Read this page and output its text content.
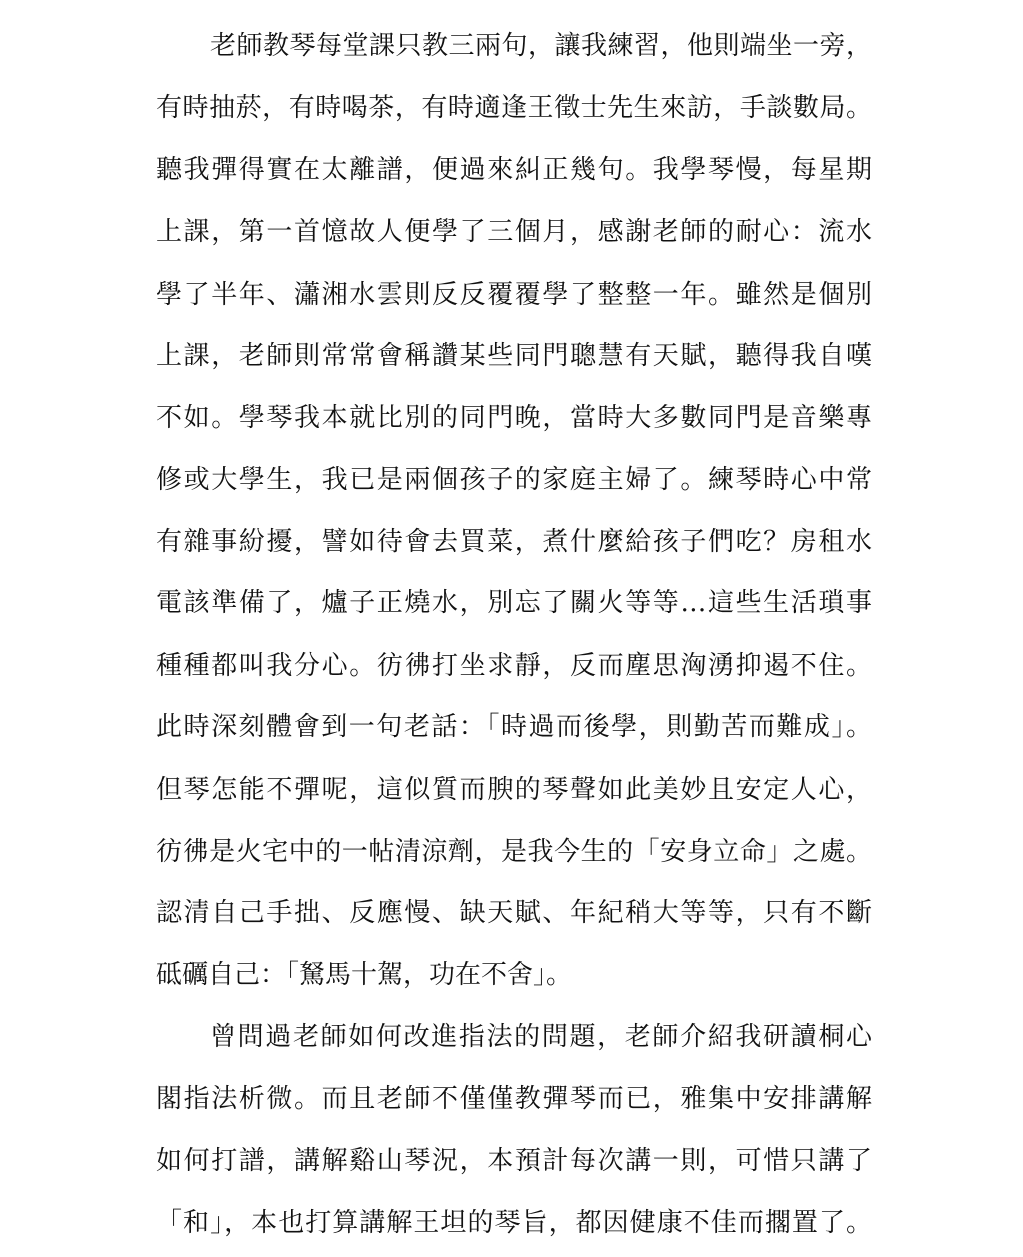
老師教琴每堂課只教三兩句，讓我練習，他則端坐一旁，
有時抽菸，有時喝茶，有時適逢王徵士先生來訪，手談數局。
聽我彈得實在太離譜，便過來糾正幾句。我學琴慢，每星期
上課，第一首憶故人便學了三個月，感謝老師的耐心：流水
學了半年、瀟湘水雲則反反覆覆學了整整一年。雖然是個別
上課，老師則常常會稱讚某些同門聰慧有天賦，聽得我自嘆
不如。學琴我本就比別的同門晚，當時大多數同門是音樂專
修或大學生，我已是兩個孩子的家庭主婦了。練琴時心中常
有雜事紛擾，譬如待會去買菜，煮什麼給孩子們吃？房租水
電該準備了，爐子正燒水，別忘了關火等等…這些生活瑣事
種種都叫我分心。彷彿打坐求靜，反而塵思洶湧抑遏不住。
此時深刻體會到一句老話：「時過而後學，則勤苦而難成」。
但琴怎能不彈呢，這似質而腴的琴聲如此美妙且安定人心，
彷彿是火宅中的一帖清涼劑，是我今生的「安身立命」之處。
認清自己手拙、反應慢、缺天賦、年紀稍大等等，只有不斷
砥礪自己：「駑馬十駕，功在不舍」。
曾問過老師如何改進指法的問題，老師介紹我研讀桐心
閣指法析微。而且老師不僅僅教彈琴而已，雅集中安排講解
如何打譜，講解谿山琴況，本預計每次講一則，可惜只講了
「和」，本也打算講解王坦的琴旨，都因健康不佳而擱置了。
